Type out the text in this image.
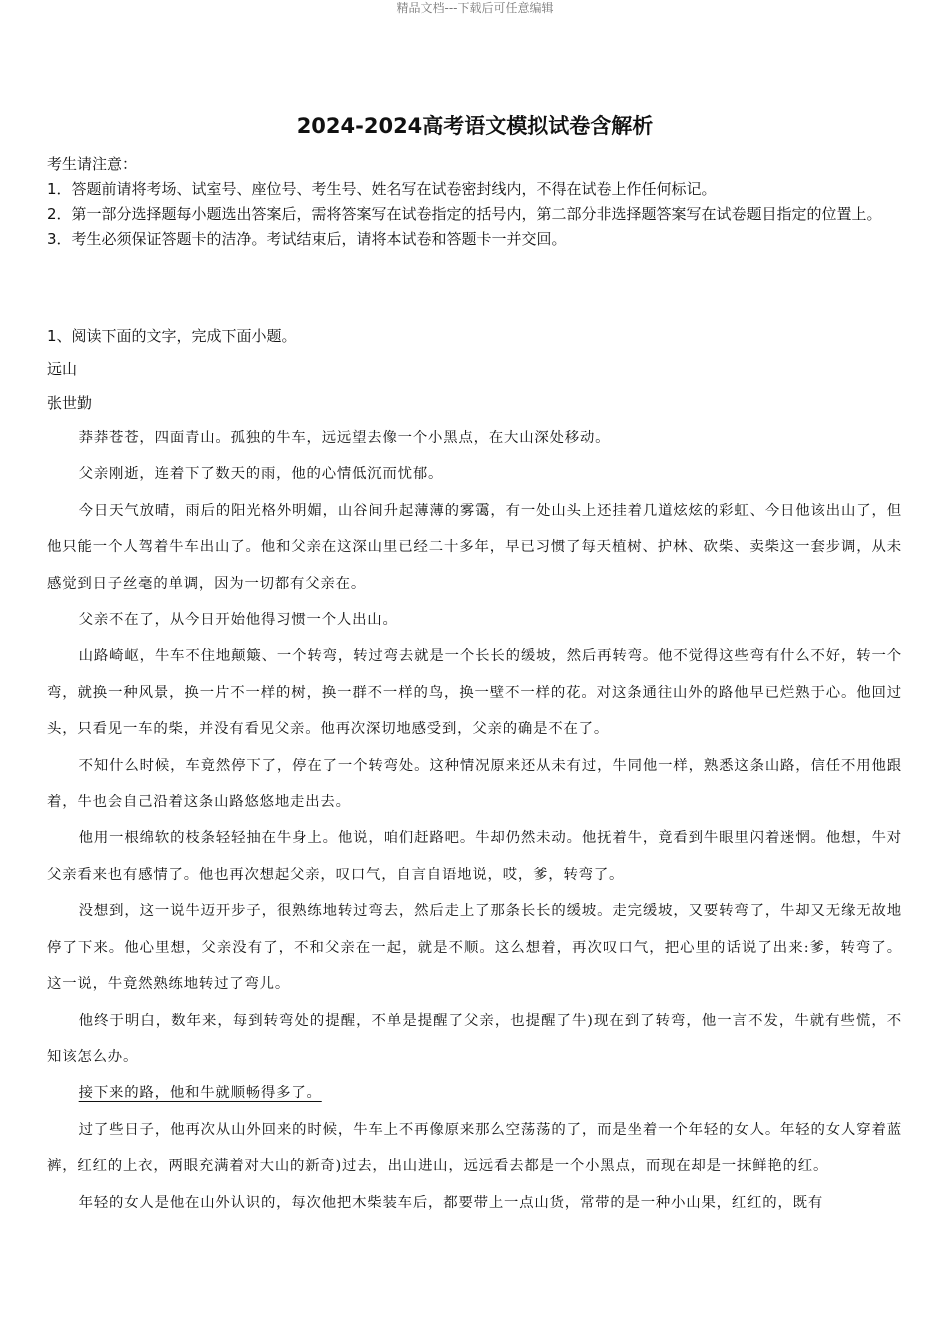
精品文档---下载后可任意编辑
2024-2024高考语文模拟试卷含解析
考生请注意：
1．答题前请将考场、试室号、座位号、考生号、姓名写在试卷密封线内，不得在试卷上作任何标记。
2．第一部分选择题每小题选出答案后，需将答案写在试卷指定的括号内，第二部分非选择题答案写在试卷题目指定的位置上。
3．考生必须保证答题卡的洁净。考试结束后，请将本试卷和答题卡一并交回。
1、阅读下面的文字，完成下面小题。
远山
张世勤

莽莽苍苍，四面青山。孤独的牛车，远远望去像一个小黑点，在大山深处移动。

父亲刚逝，连着下了数天的雨，他的心情低沉而忧郁。

今日天气放晴，雨后的阳光格外明媚，山谷间升起薄薄的雾霭，有一处山头上还挂着几道炫炫的彩虹、今日他该出山了，但他只能一个人驾着牛车出山了。他和父亲在这深山里已经二十多年，早已习惯了每天植树、护林、砍柴、卖柴这一套步调，从未感觉到日子丝毫的单调，因为一切都有父亲在。

父亲不在了，从今日开始他得习惯一个人出山。

山路崎岖，牛车不住地颠簸、一个转弯，转过弯去就是一个长长的缓坡，然后再转弯。他不觉得这些弯有什么不好，转一个弯，就换一种风景，换一片不一样的树，换一群不一样的鸟，换一壁不一样的花。对这条通往山外的路他早已烂熟于心。他回过头，只看见一车的柴，并没有看见父亲。他再次深切地感受到，父亲的确是不在了。

不知什么时候，车竟然停下了，停在了一个转弯处。这种情况原来还从未有过，牛同他一样，熟悉这条山路，信任不用他跟着，牛也会自己沿着这条山路悠悠地走出去。

他用一根绵软的枝条轻轻抽在牛身上。他说，咱们赶路吧。牛却仍然未动。他抚着牛，竟看到牛眼里闪着迷惘。他想，牛对父亲看来也有感情了。他也再次想起父亲，叹口气，自言自语地说，哎，爹，转弯了。

没想到，这一说牛迈开步子，很熟练地转过弯去，然后走上了那条长长的缓坡。走完缓坡，又要转弯了，牛却又无缘无故地停了下来。他心里想，父亲没有了，不和父亲在一起，就是不顺。这么想着，再次叹口气，把心里的话说了出来:爹，转弯了。这一说，牛竟然熟练地转过了弯儿。

他终于明白，数年来，每到转弯处的提醒，不单是提醒了父亲，也提醒了牛)现在到了转弯，他一言不发，牛就有些慌，不知该怎么办。

接下来的路，他和牛就顺畅得多了。

过了些日子，他再次从山外回来的时候，牛车上不再像原来那么空荡荡的了，而是坐着一个年轻的女人。年轻的女人穿着蓝裤，红红的上衣，两眼充满着对大山的新奇)过去，出山进山，远远看去都是一个小黑点，而现在却是一抹鲜艳的红。

年轻的女人是他在山外认识的，每次他把木柴装车后，都要带上一点山货，常带的是一种小山果，红红的，既有
